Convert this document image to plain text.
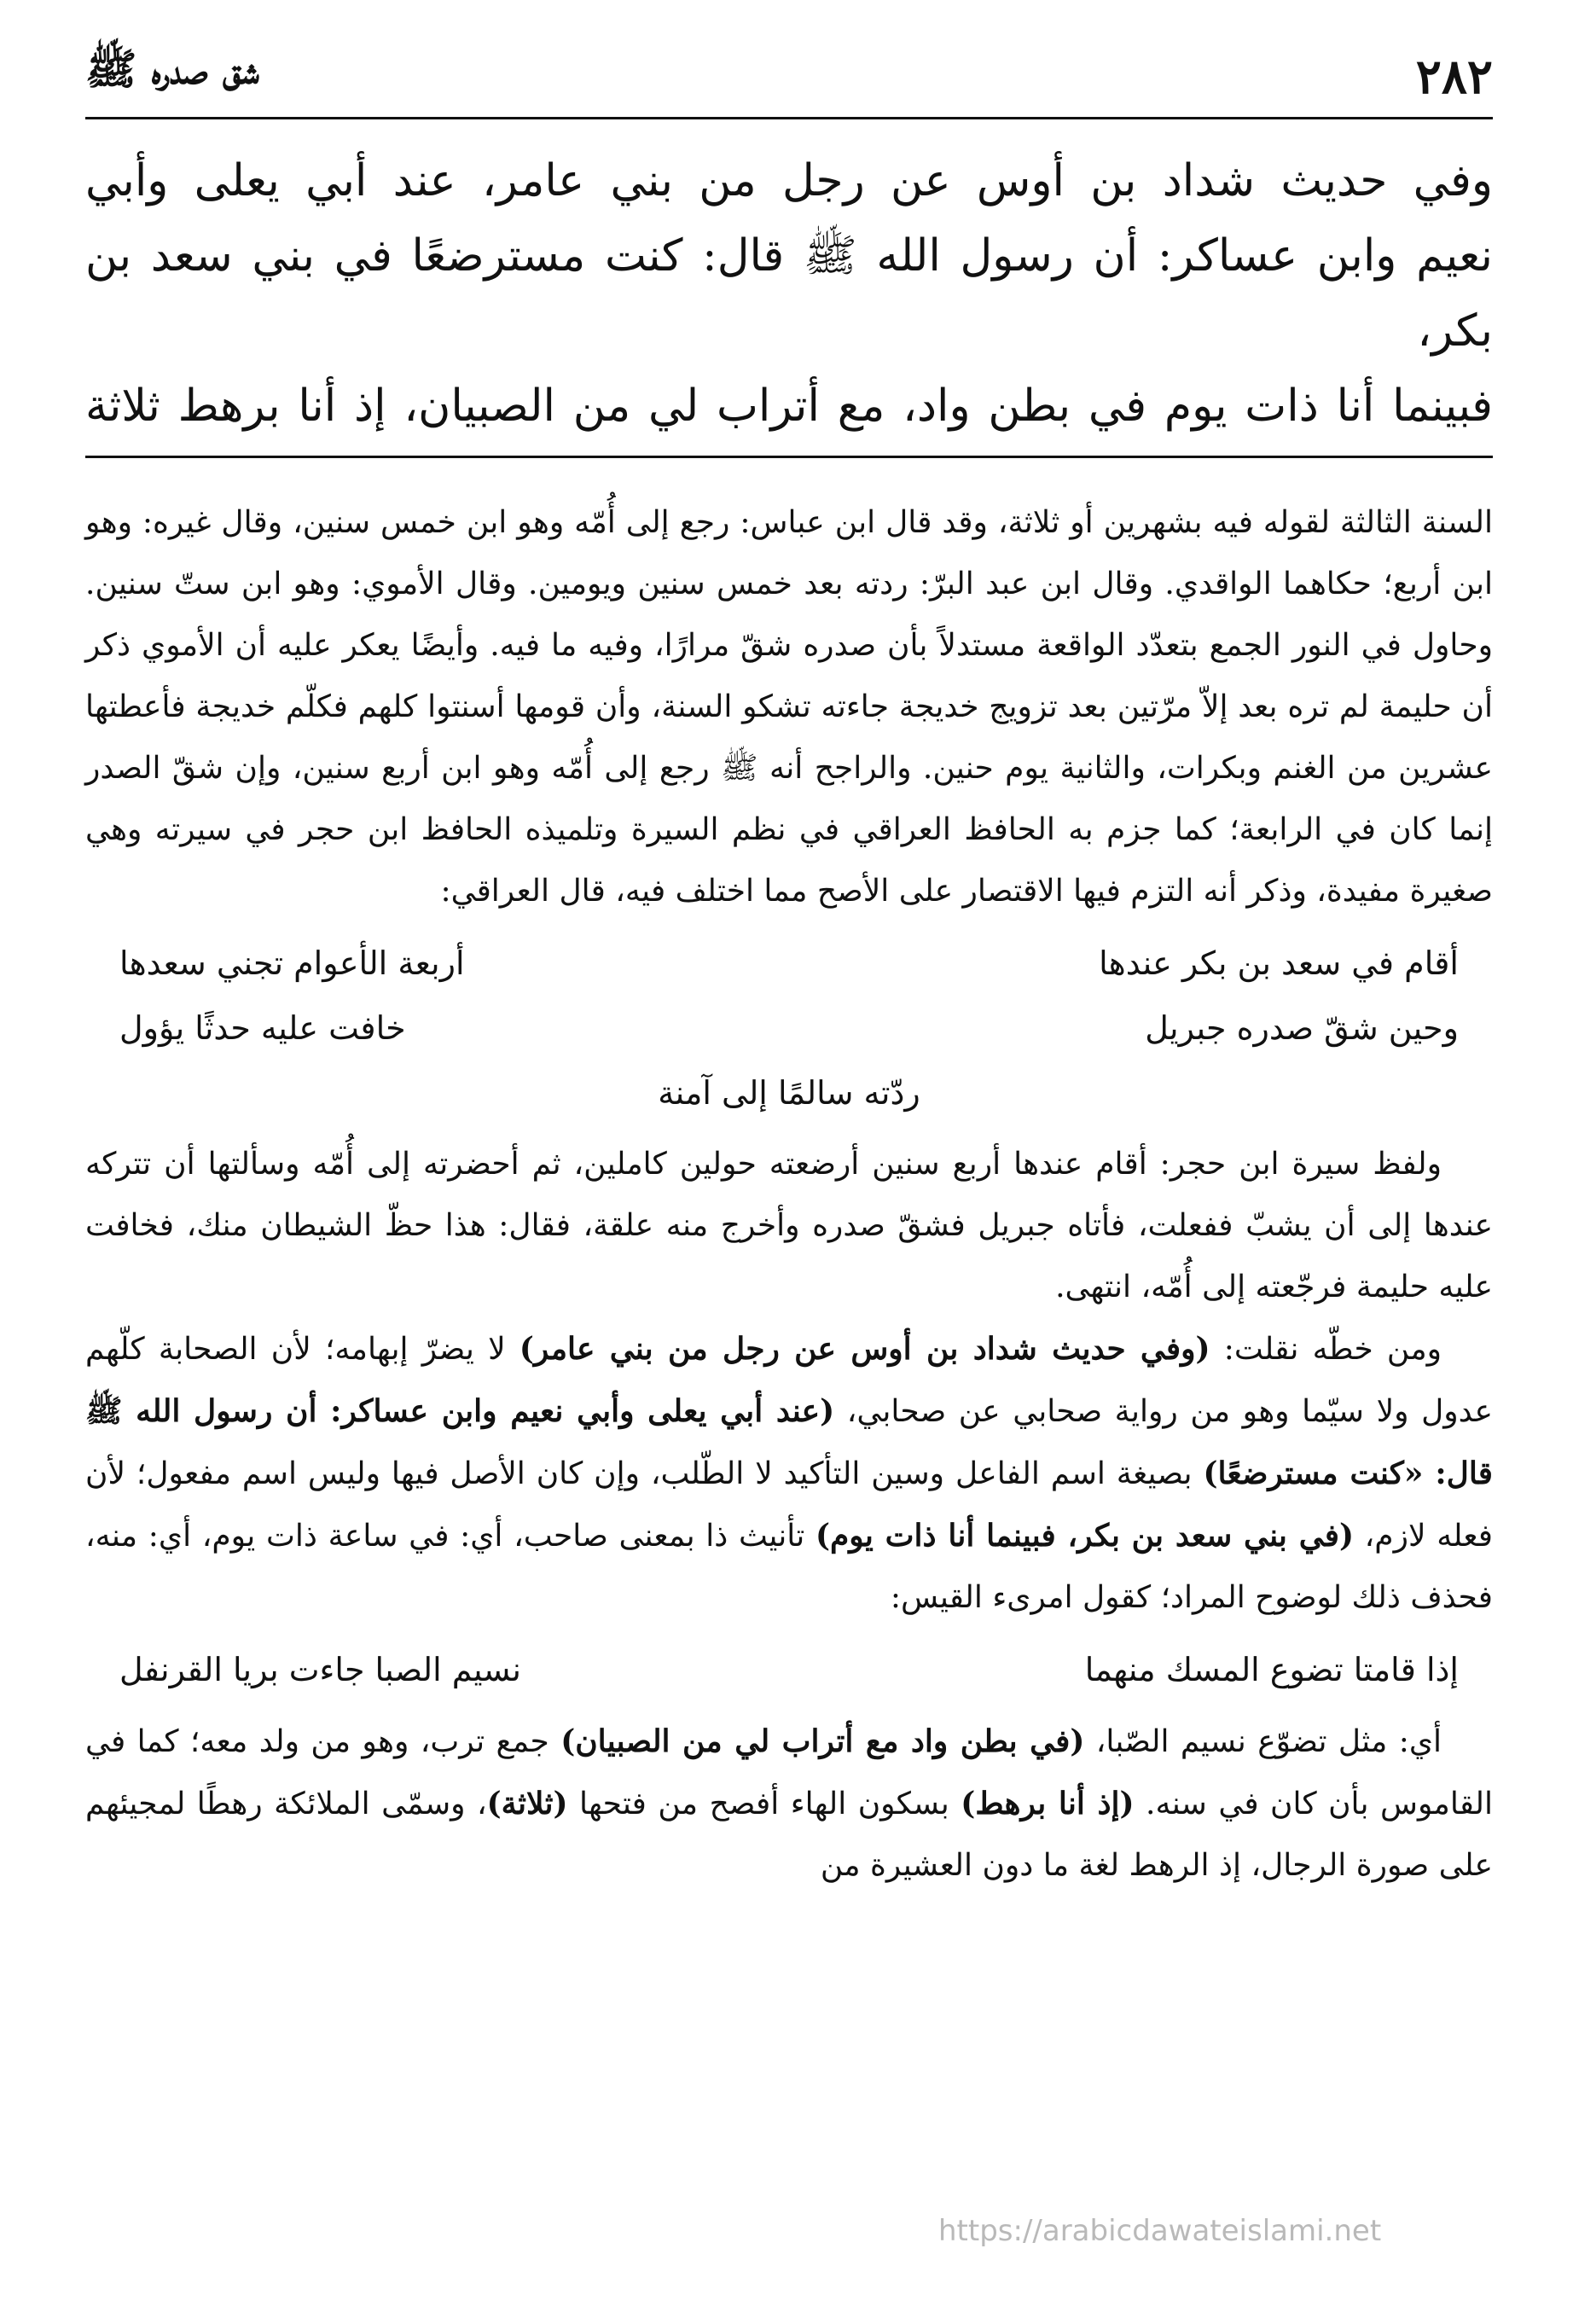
٢٨٢
شق صدره ﷺ

وفي حديث شداد بن أوس عن رجل من بني عامر، عند أبي يعلى وأبي

نعيم وابن عساكر: أن رسول الله ﷺ قال: كنت مسترضعًا في بني سعد بن بكر،

فبينما أنا ذات يوم في بطن واد، مع أتراب لي من الصبيان، إذ أنا برهط ثلاثة

السنة الثالثة لقوله فيه بشهرين أو ثلاثة، وقد قال ابن عباس: رجع إلى أُمّه وهو ابن خمس سنين، وقال غيره: وهو ابن أربع؛ حكاهما الواقدي. وقال ابن عبد البرّ: ردته بعد خمس سنين ويومين. وقال الأموي: وهو ابن ستّ سنين. وحاول في النور الجمع بتعدّد الواقعة مستدلاً بأن صدره شقّ مرارًا، وفيه ما فيه. وأيضًا يعكر عليه أن الأموي ذكر أن حليمة لم تره بعد إلاّ مرّتين بعد تزويج خديجة جاءته تشكو السنة، وأن قومها أسنتوا كلهم فكلّم خديجة فأعطتها عشرين من الغنم وبكرات، والثانية يوم حنين. والراجح أنه ﷺ رجع إلى أُمّه وهو ابن أربع سنين، وإن شقّ الصدر إنما كان في الرابعة؛ كما جزم به الحافظ العراقي في نظم السيرة وتلميذه الحافظ ابن حجر في سيرته وهي صغيرة مفيدة، وذكر أنه التزم فيها الاقتصار على الأصح مما اختلف فيه، قال العراقي:

أقام في سعد بن بكر عندها
أربعة الأعوام تجني سعدها
وحين شقّ صدره جبريل
خافت عليه حدثًا يؤول
ردّته سالمًا إلى آمنة

ولفظ سيرة ابن حجر: أقام عندها أربع سنين أرضعته حولين كاملين، ثم أحضرته إلى أُمّه وسألتها أن تتركه عندها إلى أن يشبّ ففعلت، فأتاه جبريل فشقّ صدره وأخرج منه علقة، فقال: هذا حظّ الشيطان منك، فخافت عليه حليمة فرجّعته إلى أُمّه، انتهى.

ومن خطّه نقلت: (وفي حديث شداد بن أوس عن رجل من بني عامر) لا يضرّ إبهامه؛ لأن الصحابة كلّهم عدول ولا سيّما وهو من رواية صحابي عن صحابي، (عند أبي يعلى وأبي نعيم وابن عساكر: أن رسول الله ﷺ قال: «كنت مسترضعًا) بصيغة اسم الفاعل وسين التأكيد لا الطّلب، وإن كان الأصل فيها وليس اسم مفعول؛ لأن فعله لازم، (في بني سعد بن بكر، فبينما أنا ذات يوم) تأنيث ذا بمعنى صاحب، أي: في ساعة ذات يوم، أي: منه، فحذف ذلك لوضوح المراد؛ كقول امرىء القيس:

إذا قامتا تضوع المسك منهما
نسيم الصبا جاءت بريا القرنفل

أي: مثل تضوّع نسيم الصّبا، (في بطن واد مع أتراب لي من الصبيان) جمع ترب، وهو من ولد معه؛ كما في القاموس بأن كان في سنه. (إذ أنا برهط) بسكون الهاء أفصح من فتحها (ثلاثة)، وسمّى الملائكة رهطًا لمجيئهم على صورة الرجال، إذ الرهط لغة ما دون العشيرة من

https://arabicdawateislami.net
